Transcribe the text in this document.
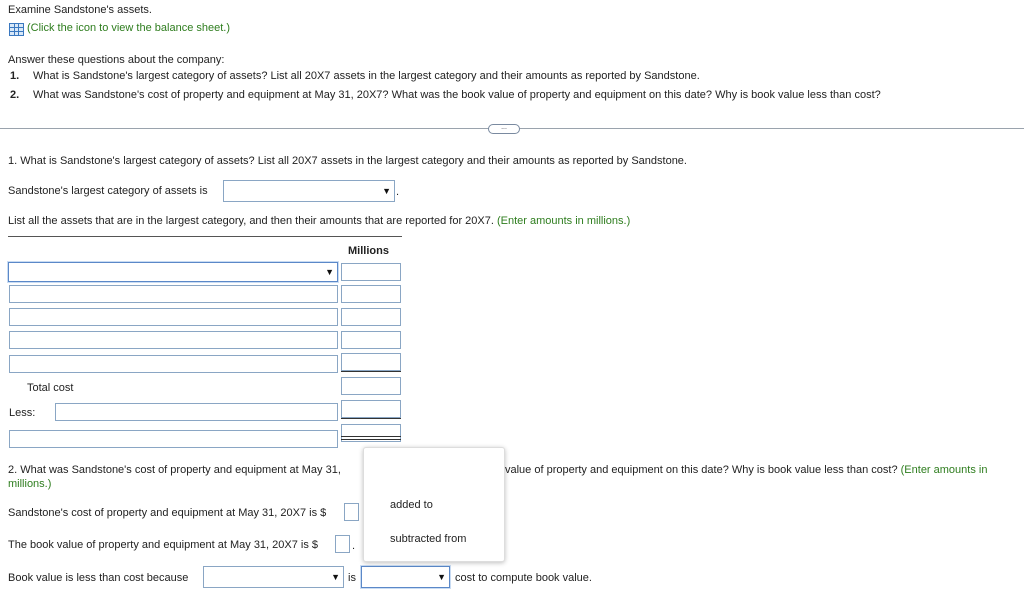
Examine Sandstone's assets.
(Click the icon to view the balance sheet.)
Answer these questions about the company:
1. What is Sandstone's largest category of assets? List all 20X7 assets in the largest category and their amounts as reported by Sandstone.
2. What was Sandstone's cost of property and equipment at May 31, 20X7? What was the book value of property and equipment on this date? Why is book value less than cost?
...
1. What is Sandstone's largest category of assets? List all 20X7 assets in the largest category and their amounts as reported by Sandstone.
Sandstone's largest category of assets is	▼ .
List all the assets that are in the largest category, and then their amounts that are reported for 20X7. (Enter amounts in millions.)
Millions
▼
Total cost
Less:
2. What was Sandstone's cost of property and equipment at May 31,	value of property and equipment on this date? Why is book value less than cost? (Enter amounts in
millions.)
Sandstone's cost of property and equipment at May 31, 20X7 is $
The book value of property and equipment at May 31, 20X7 is $	.
Book value is less than cost because	▼ is	▼ cost to compute book value.
added to
subtracted from
